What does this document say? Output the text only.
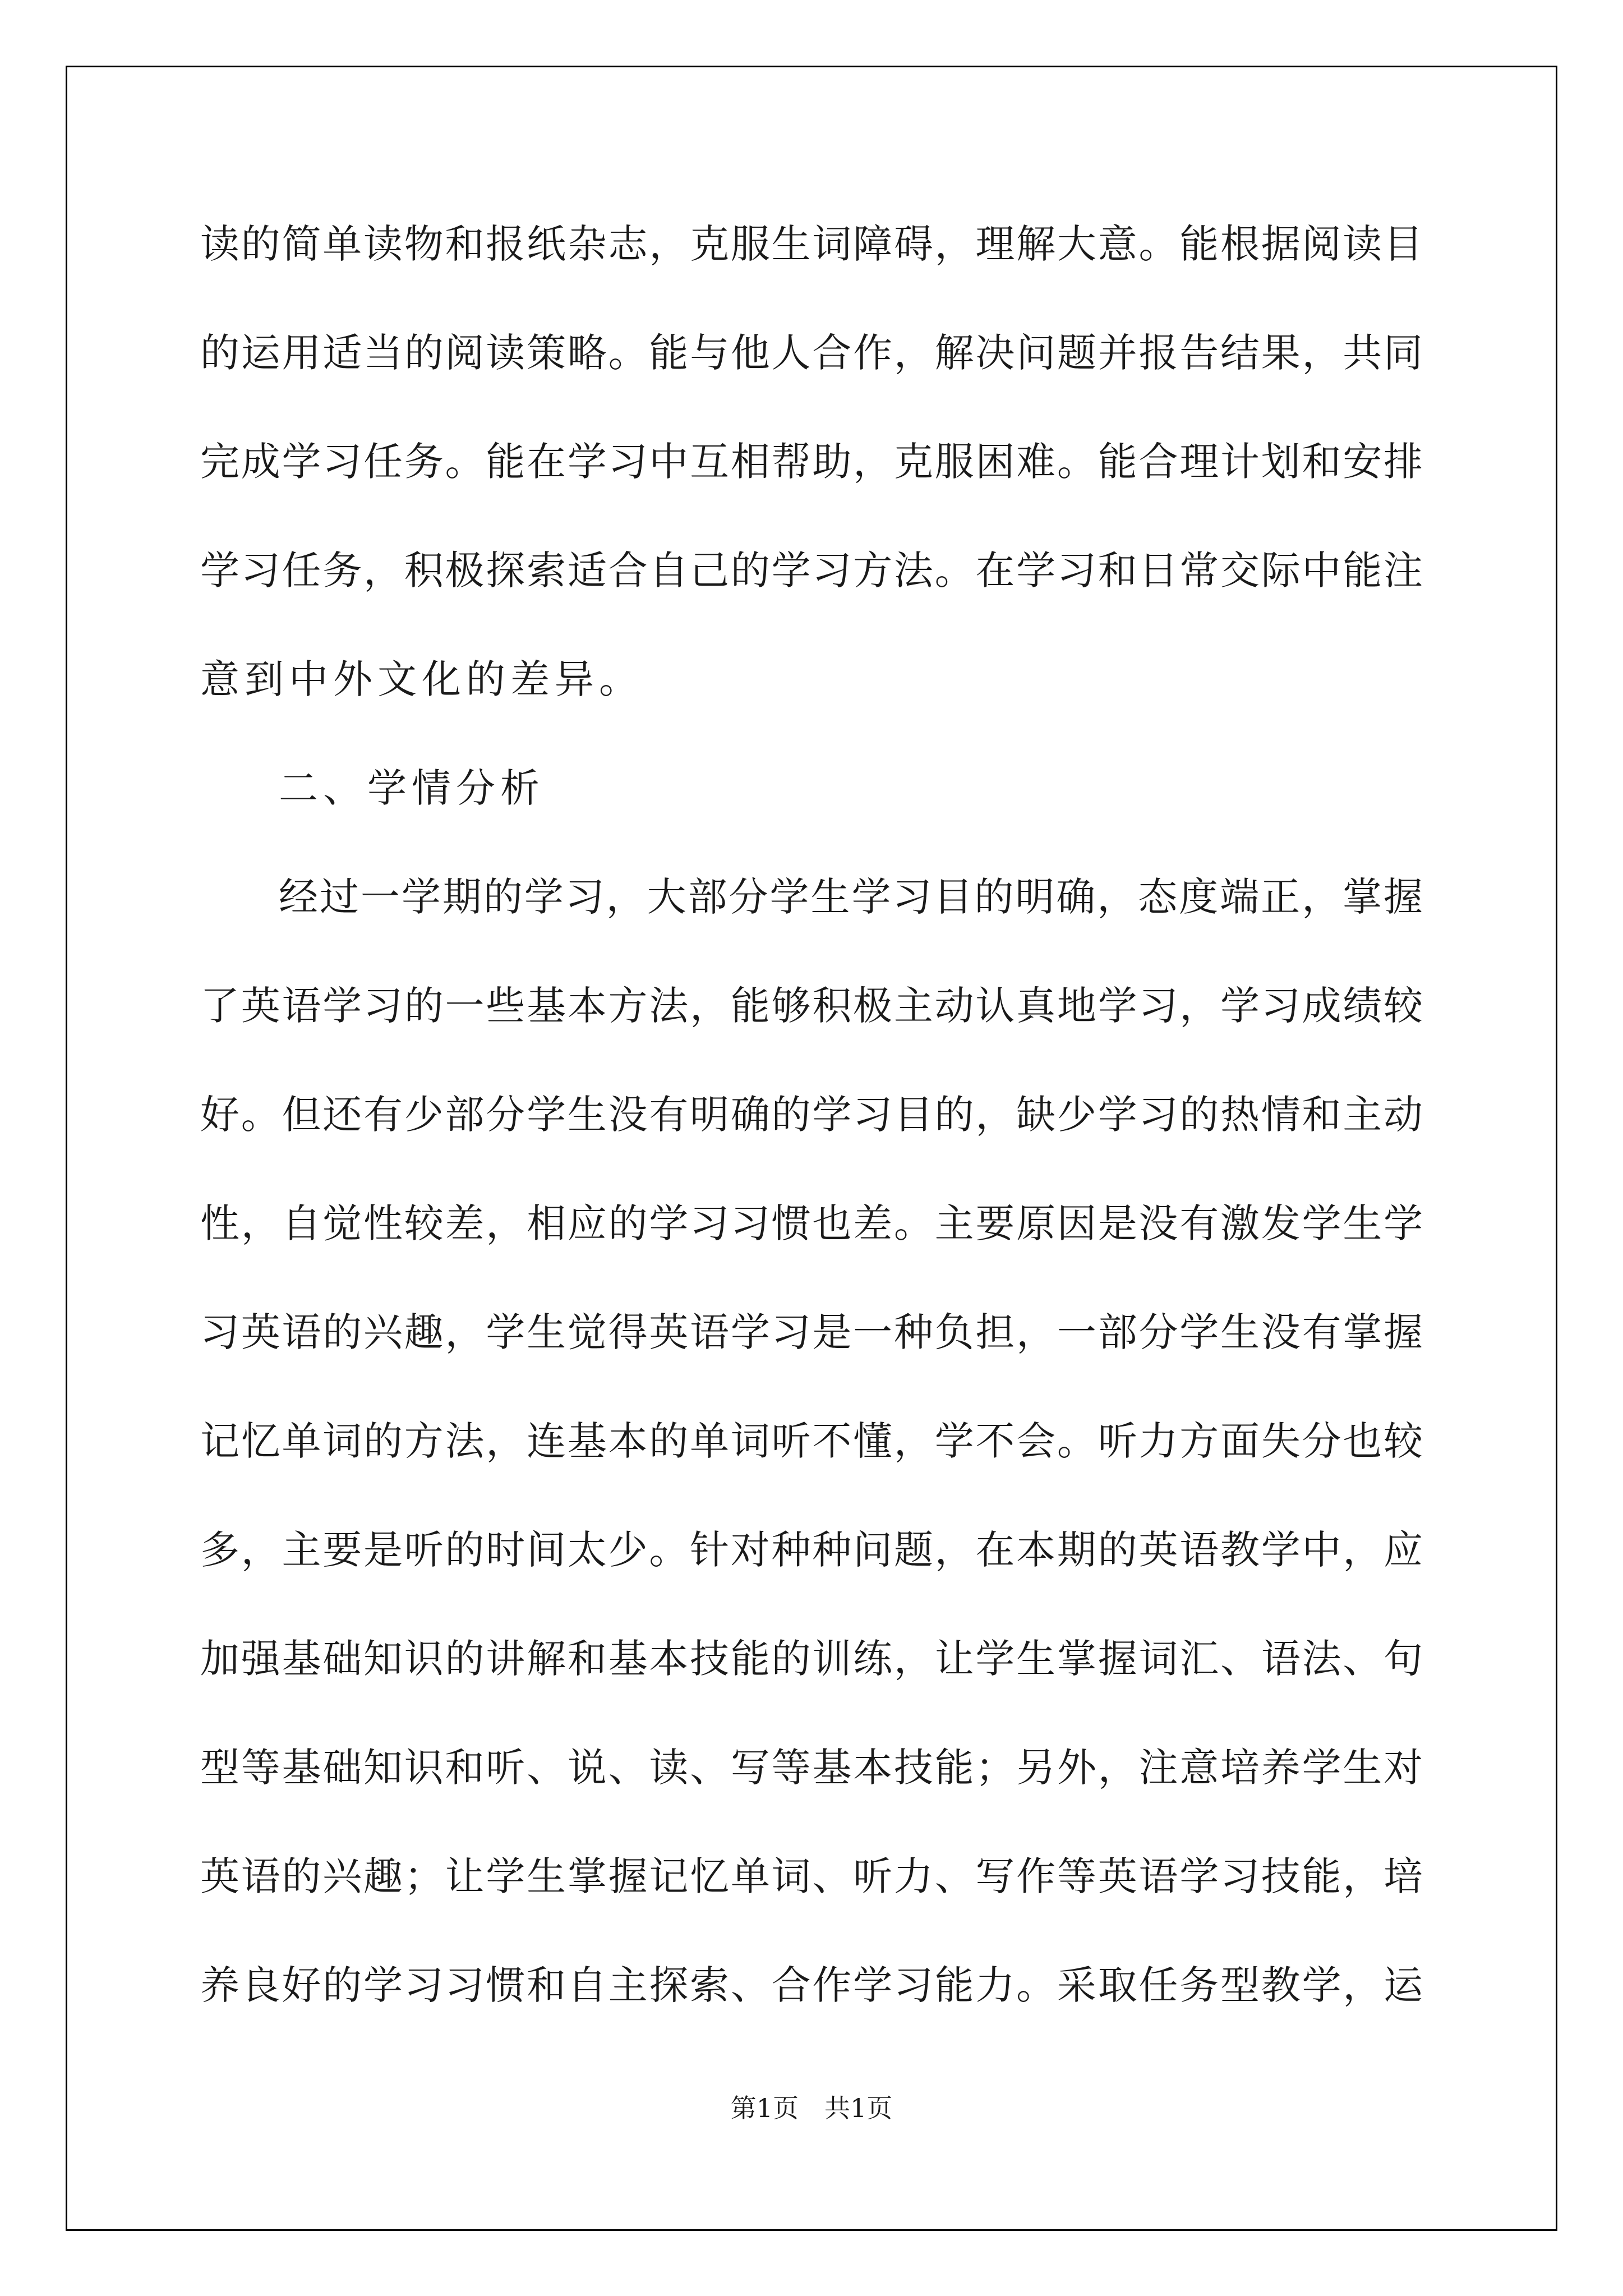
读的简单读物和报纸杂志，克服生词障碍，理解大意。能根据阅读目
的运用适当的阅读策略。能与他人合作，解决问题并报告结果，共同
完成学习任务。能在学习中互相帮助，克服困难。能合理计划和安排
学习任务，积极探索适合自己的学习方法。在学习和日常交际中能注
意到中外文化的差异。
二、学情分析
经过一学期的学习，大部分学生学习目的明确，态度端正，掌握
了英语学习的一些基本方法，能够积极主动认真地学习，学习成绩较
好。但还有少部分学生没有明确的学习目的，缺少学习的热情和主动
性，自觉性较差，相应的学习习惯也差。主要原因是没有激发学生学
习英语的兴趣，学生觉得英语学习是一种负担，一部分学生没有掌握
记忆单词的方法，连基本的单词听不懂，学不会。听力方面失分也较
多，主要是听的时间太少。针对种种问题，在本期的英语教学中，应
加强基础知识的讲解和基本技能的训练，让学生掌握词汇、语法、句
型等基础知识和听、说、读、写等基本技能；另外，注意培养学生对
英语的兴趣；让学生掌握记忆单词、听力、写作等英语学习技能，培
养良好的学习习惯和自主探索、合作学习能力。采取任务型教学，运
第1页　共1页
